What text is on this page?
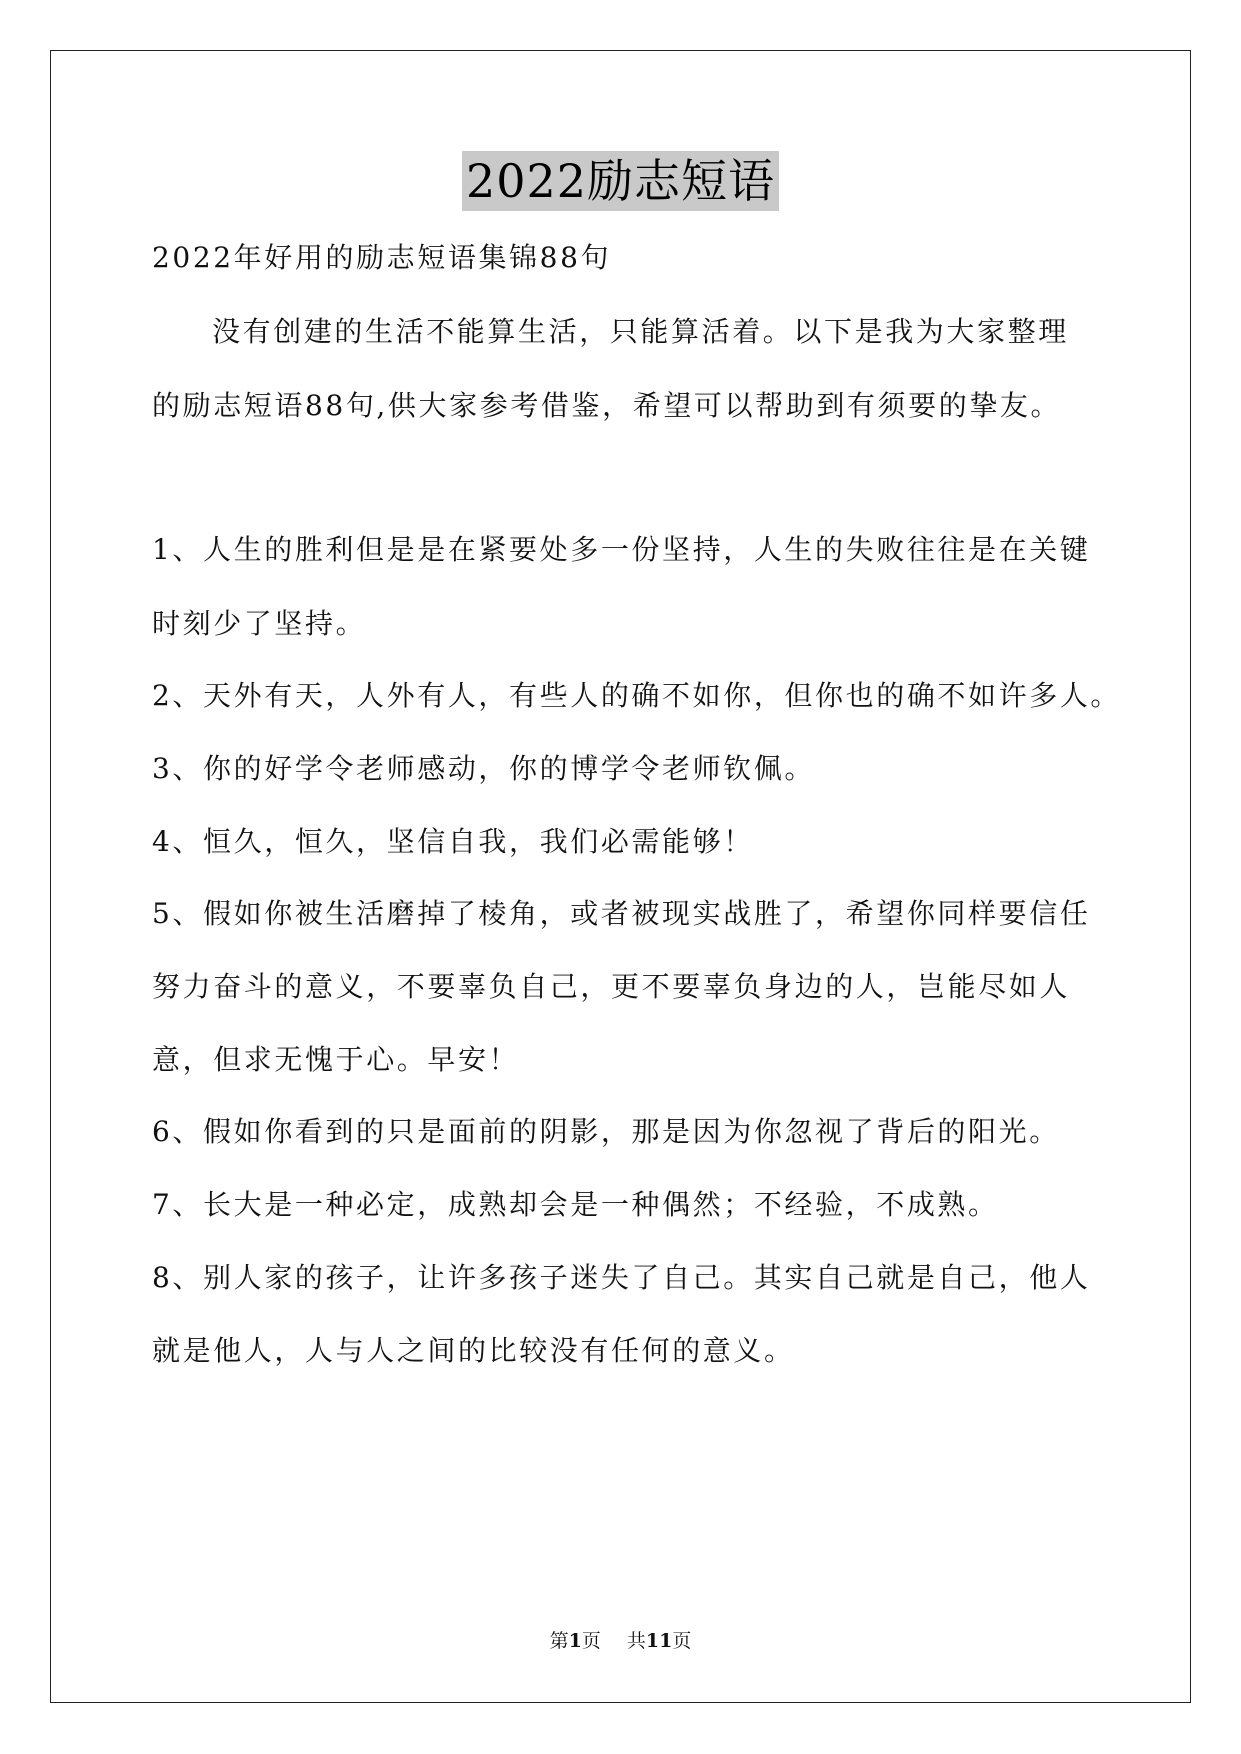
2022励志短语
2022年好用的励志短语集锦88句
没有创建的生活不能算生活，只能算活着。以下是我为大家整理
的励志短语88句,供大家参考借鉴，希望可以帮助到有须要的挚友。
1、人生的胜利但是是在紧要处多一份坚持，人生的失败往往是在关键
时刻少了坚持。
2、天外有天，人外有人，有些人的确不如你，但你也的确不如许多人。
3、你的好学令老师感动，你的博学令老师钦佩。
4、恒久，恒久，坚信自我，我们必需能够！
5、假如你被生活磨掉了棱角，或者被现实战胜了，希望你同样要信任
努力奋斗的意义，不要辜负自己，更不要辜负身边的人，岂能尽如人
意，但求无愧于心。早安！
6、假如你看到的只是面前的阴影，那是因为你忽视了背后的阳光。
7、长大是一种必定，成熟却会是一种偶然；不经验，不成熟。
8、别人家的孩子，让许多孩子迷失了自己。其实自己就是自己，他人
就是他人，人与人之间的比较没有任何的意义。
第1页 共11页
